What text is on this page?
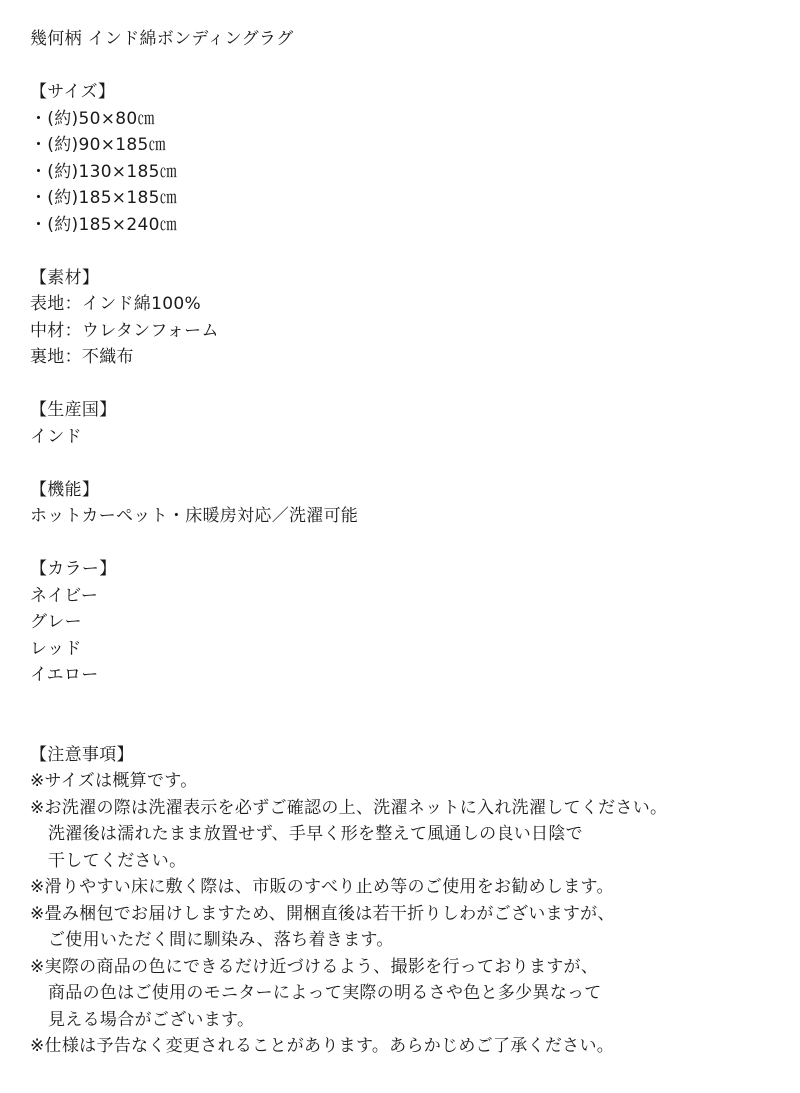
幾何柄 インド綿ボンディングラグ
【サイズ】
・(約)50×80㎝
・(約)90×185㎝
・(約)130×185㎝
・(約)185×185㎝
・(約)185×240㎝
【素材】
表地：インド綿100%
中材：ウレタンフォーム
裏地：不織布
【生産国】
インド
【機能】
ホットカーペット・床暖房対応／洗濯可能
【カラー】
ネイビー
グレー
レッド
イエロー
【注意事項】
※サイズは概算です。
※お洗濯の際は洗濯表示を必ずご確認の上、洗濯ネットに入れ洗濯してください。
洗濯後は濡れたまま放置せず、手早く形を整えて風通しの良い日陰で
干してください。
※滑りやすい床に敷く際は、市販のすべり止め等のご使用をお勧めします。
※畳み梱包でお届けしますため、開梱直後は若干折りしわがございますが、
ご使用いただく間に馴染み、落ち着きます。
※実際の商品の色にできるだけ近づけるよう、撮影を行っておりますが、
商品の色はご使用のモニターによって実際の明るさや色と多少異なって
見える場合がございます。
※仕様は予告なく変更されることがあります。あらかじめご了承ください。
